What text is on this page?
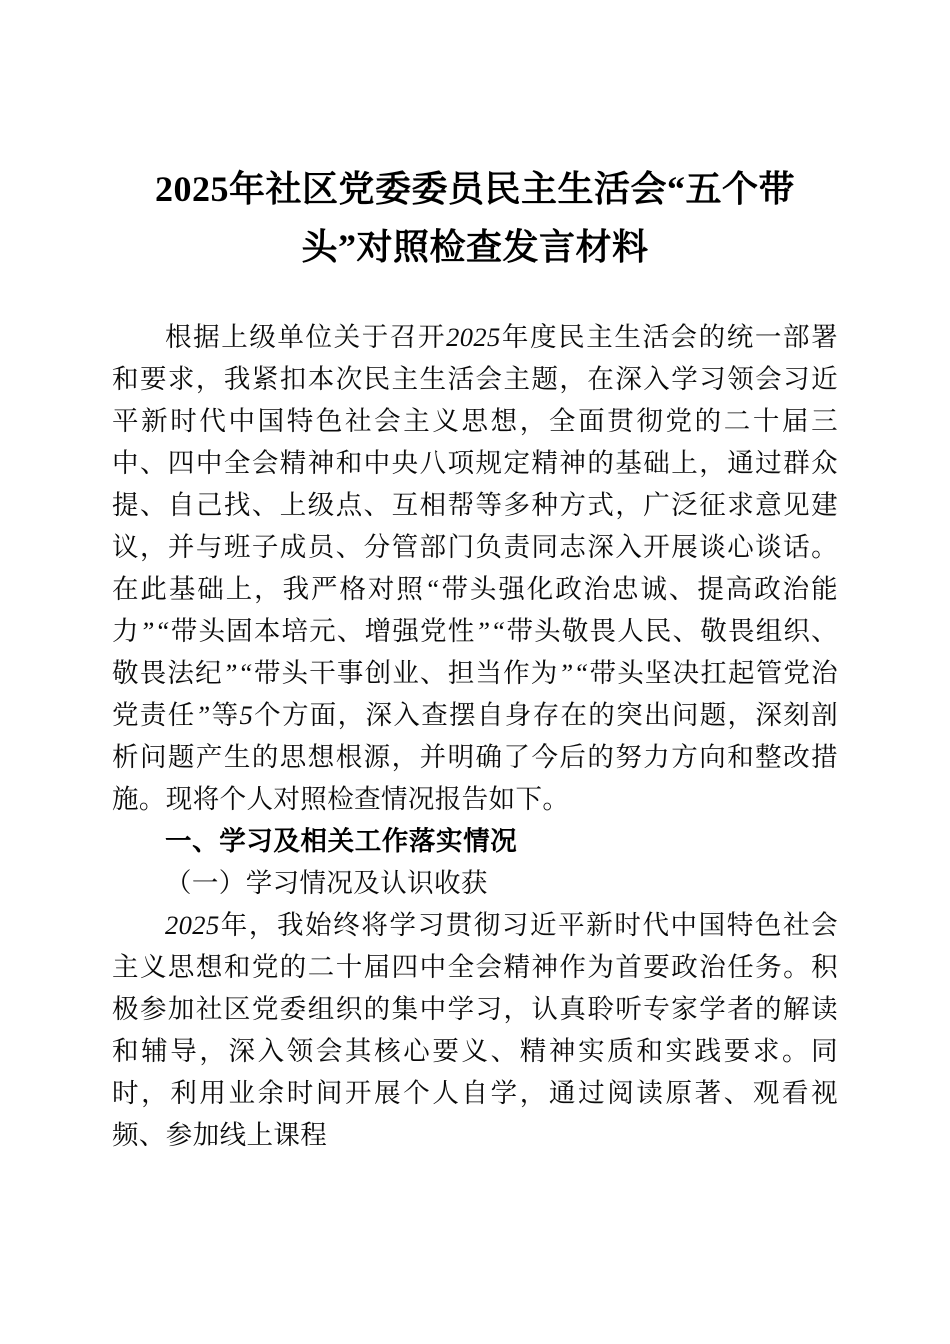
2025年社区党委委员民主生活会“五个带
头”对照检查发言材料

根据上级单位关于召开2025年度民主生活会的统一部署和要求，我紧扣本次民主生活会主题，在深入学习领会习近平新时代中国特色社会主义思想，全面贯彻党的二十届三中、四中全会精神和中央八项规定精神的基础上，通过群众提、自己找、上级点、互相帮等多种方式，广泛征求意见建议，并与班子成员、分管部门负责同志深入开展谈心谈话。在此基础上，我严格对照“带头强化政治忠诚、提高政治能力”“带头固本培元、增强党性”“带头敬畏人民、敬畏组织、敬畏法纪”“带头干事创业、担当作为”“带头坚决扛起管党治党责任”等5个方面，深入查摆自身存在的突出问题，深刻剖析问题产生的思想根源，并明确了今后的努力方向和整改措施。现将个人对照检查情况报告如下。

一、学习及相关工作落实情况

（一）学习情况及认识收获

2025年，我始终将学习贯彻习近平新时代中国特色社会主义思想和党的二十届四中全会精神作为首要政治任务。积极参加社区党委组织的集中学习，认真聆听专家学者的解读和辅导，深入领会其核心要义、精神实质和实践要求。同时，利用业余时间开展个人自学，通过阅读原著、观看视频、参加线上课程
